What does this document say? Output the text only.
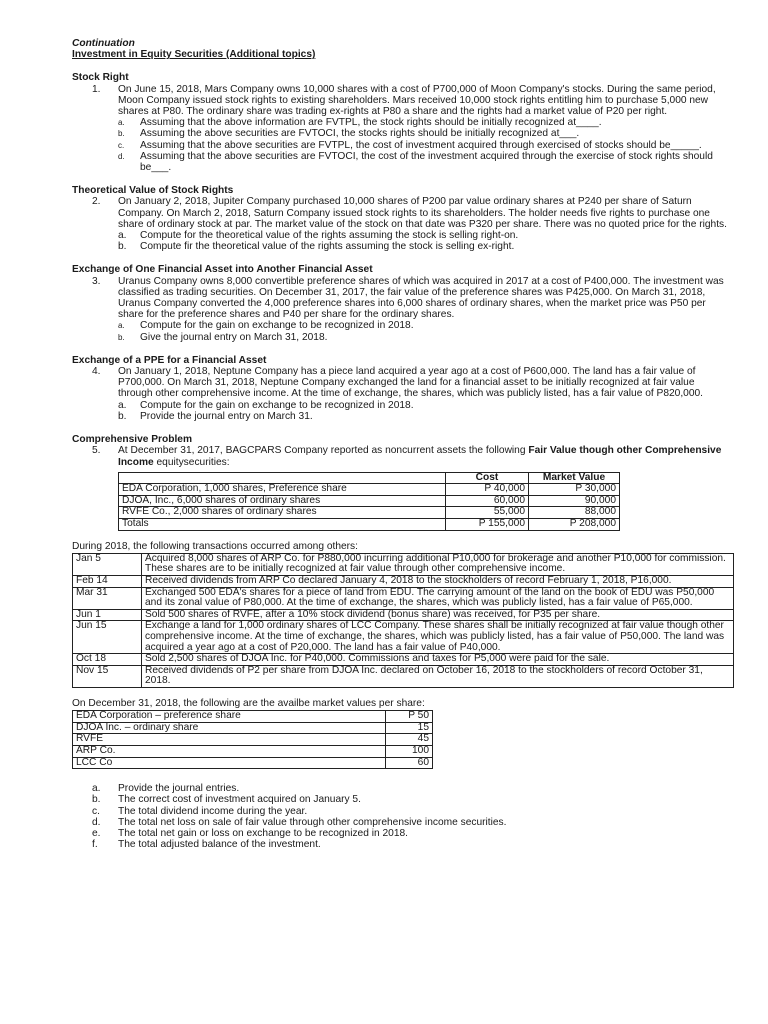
Continuation
Investment in Equity Securities (Additional topics)
Stock Right
1.	On June 15, 2018, Mars Company owns 10,000 shares with a cost of P700,000 of Moon Company's stocks. During the same period, Moon Company issued stock rights to existing shareholders. Mars received 10,000 stock rights entitling him to purchase 5,000 new shares at P80. The ordinary share was trading ex-rights at P80 a share and the rights had a market value of P20 per right.
a.	Assuming that the above information are FVTPL, the stock rights should be initially recognized at____.
b.	Assuming the above securities are FVTOCI, the stocks rights should be initially recognized at___.
c.	Assuming that the above securities are FVTPL, the cost of investment acquired through exercised of stocks should be_____.
d.	Assuming that the above securities are FVTOCI, the cost of the investment acquired through the exercise of stock rights should be___.
Theoretical Value of Stock Rights
2.	On January 2, 2018, Jupiter Company purchased 10,000 shares of P200 par value ordinary shares at P240 per share of Saturn Company. On March 2, 2018, Saturn Company issued stock rights to its shareholders. The holder needs five rights to purchase one share of ordinary stock at par. The market value of the stock on that date was P320 per share. There was no quoted price for the rights.
a.	Compute for the theoretical value of the rights assuming the stock is selling right-on.
b.	Compute fir the theoretical value of the rights assuming the stock is selling ex-right.
Exchange of One Financial Asset into Another Financial Asset
3.	Uranus Company owns 8,000 convertible preference shares of which was acquired in 2017 at a cost of P400,000. The investment was classified as trading securities. On December 31, 2017, the fair value of the preference shares was P425,000. On March 31, 2018, Uranus Company converted the 4,000 preference shares into 6,000 shares of ordinary shares, when the market price was P50 per share for the preference shares and P40 per share for the ordinary shares.
a.	Compute for the gain on exchange to be recognized in 2018.
b.	Give the journal entry on March 31, 2018.
Exchange of a PPE for a Financial Asset
4.	On January 1, 2018, Neptune Company has a piece land acquired a year ago at a cost of P600,000. The land has a fair value of P700,000. On March 31, 2018, Neptune Company exchanged the land for a financial asset to be initially recognized at fair value through other comprehensive income. At the time of exchange, the shares, which was publicly listed, has a fair value of P820,000.
a.	Compute for the gain on exchange to be recognized in 2018.
b.	Provide the journal entry on March 31.
Comprehensive Problem
5.	At December 31, 2017, BAGCPARS Company reported as noncurrent assets the following Fair Value though other Comprehensive Income equitysecurities:
	Cost	Market Value
EDA Corporation, 1,000 shares, Preference share	P 40,000	P 30,000
DJOA, Inc., 6,000 shares of ordinary shares	60,000	90,000
RVFE Co., 2,000 shares of ordinary shares	55,000	88,000
Totals	P 155,000	P 208,000
During 2018, the following transactions occurred among others:
Jan 5	Acquired 8,000 shares of ARP Co. for P880,000 incurring additional P10,000 for brokerage and another P10,000 for commission. These shares are to be initially recognized at fair value through other comprehensive income.
Feb 14	Received dividends from ARP Co declared January 4, 2018 to the stockholders of record February 1, 2018, P16,000.
Mar 31	Exchanged 500 EDA's shares for a piece of land from EDU. The carrying amount of the land on the book of EDU was P50,000 and its zonal value of P80,000. At the time of exchange, the shares, which was publicly listed, has a fair value of P65,000.
Jun 1	Sold 500 shares of RVFE, after a 10% stock dividend (bonus share) was received, for P35 per share.
Jun 15	Exchange a land for 1,000 ordinary shares of LCC Company. These shares shall be initially recognized at fair value though other comprehensive income. At the time of exchange, the shares, which was publicly listed, has a fair value of P50,000. The land was acquired a year ago at a cost of P20,000. The land has a fair value of P40,000.
Oct 18	Sold 2,500 shares of DJOA Inc. for P40,000. Commissions and taxes for P5,000 were paid for the sale.
Nov 15	Received dividends of P2 per share from DJOA Inc. declared on October 16, 2018 to the stockholders of record October 31, 2018.
On December 31, 2018, the following are the availbe market values per share:
EDA Corporation – preference share	P 50
DJOA Inc. – ordinary share	15
RVFE	45
ARP Co.	100
LCC Co	60
a.	Provide the journal entries.
b.	The correct cost of investment acquired on January 5.
c.	The total dividend income during the year.
d.	The total net loss on sale of fair value through other comprehensive income securities.
e.	The total net gain or loss on exchange to be recognized in 2018.
f.	The total adjusted balance of the investment.
